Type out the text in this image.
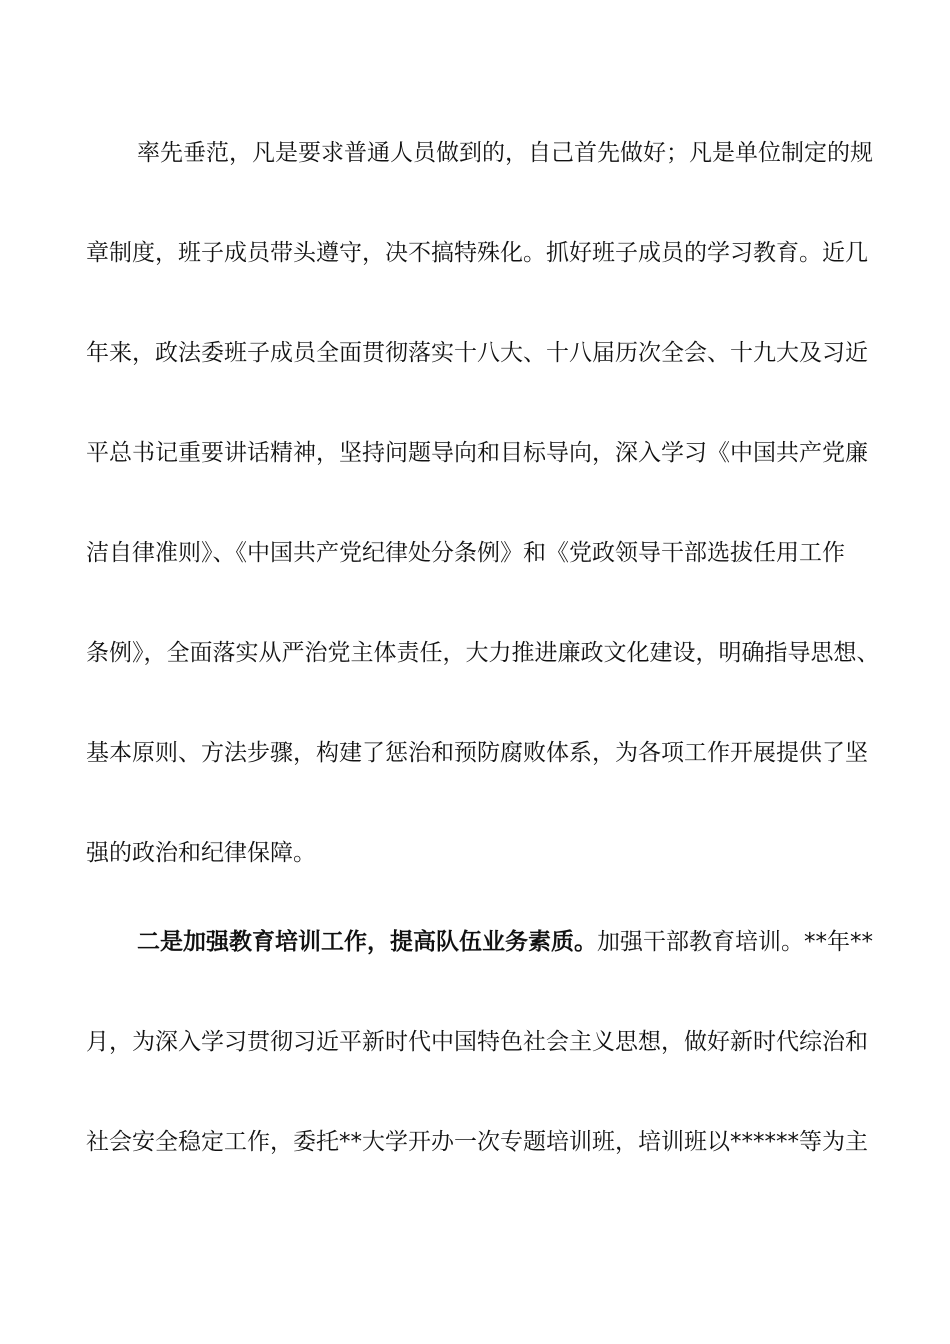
率先垂范，凡是要求普通人员做到的，自己首先做好；凡是单位制定的规
章制度，班子成员带头遵守，决不搞特殊化。抓好班子成员的学习教育。近几
年来，政法委班子成员全面贯彻落实十八大、十八届历次全会、十九大及习近
平总书记重要讲话精神，坚持问题导向和目标导向，深入学习《中国共产党廉
洁自律准则》、《中国共产党纪律处分条例》和《党政领导干部选拔任用工作
条例》，全面落实从严治党主体责任，大力推进廉政文化建设，明确指导思想、
基本原则、方法步骤，构建了惩治和预防腐败体系，为各项工作开展提供了坚
强的政治和纪律保障。
二是加强教育培训工作，提高队伍业务素质。加强干部教育培训。**年**
月，为深入学习贯彻习近平新时代中国特色社会主义思想，做好新时代综治和
社会安全稳定工作，委托**大学开办一次专题培训班，培训班以******等为主
